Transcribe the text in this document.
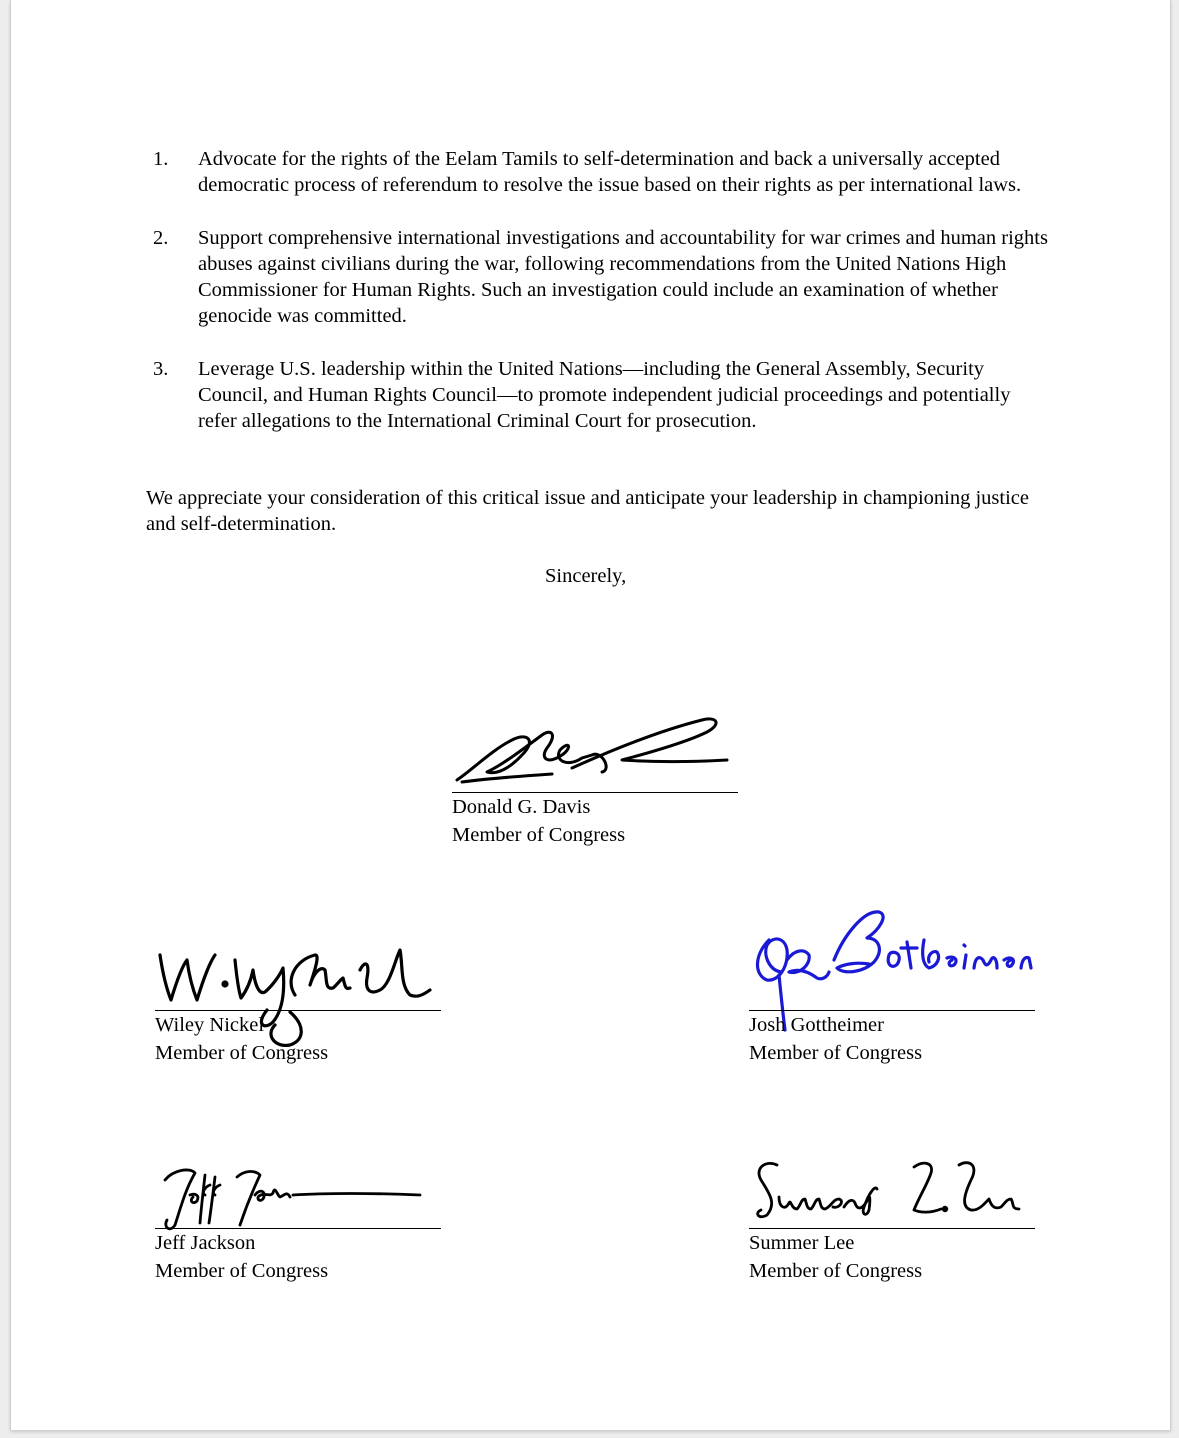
1. Advocate for the rights of the Eelam Tamils to self-determination and back a universally accepted democratic process of referendum to resolve the issue based on their rights as per international laws.
2. Support comprehensive international investigations and accountability for war crimes and human rights abuses against civilians during the war, following recommendations from the United Nations High Commissioner for Human Rights. Such an investigation could include an examination of whether genocide was committed.
3. Leverage U.S. leadership within the United Nations—including the General Assembly, Security Council, and Human Rights Council—to promote independent judicial proceedings and potentially refer allegations to the International Criminal Court for prosecution.

We appreciate your consideration of this critical issue and anticipate your leadership in championing justice and self-determination.

Sincerely,
Donald G. Davis
Member of Congress
Wiley Nickel
Member of Congress
Josh Gottheimer
Member of Congress
Jeff Jackson
Member of Congress
Summer Lee
Member of Congress
